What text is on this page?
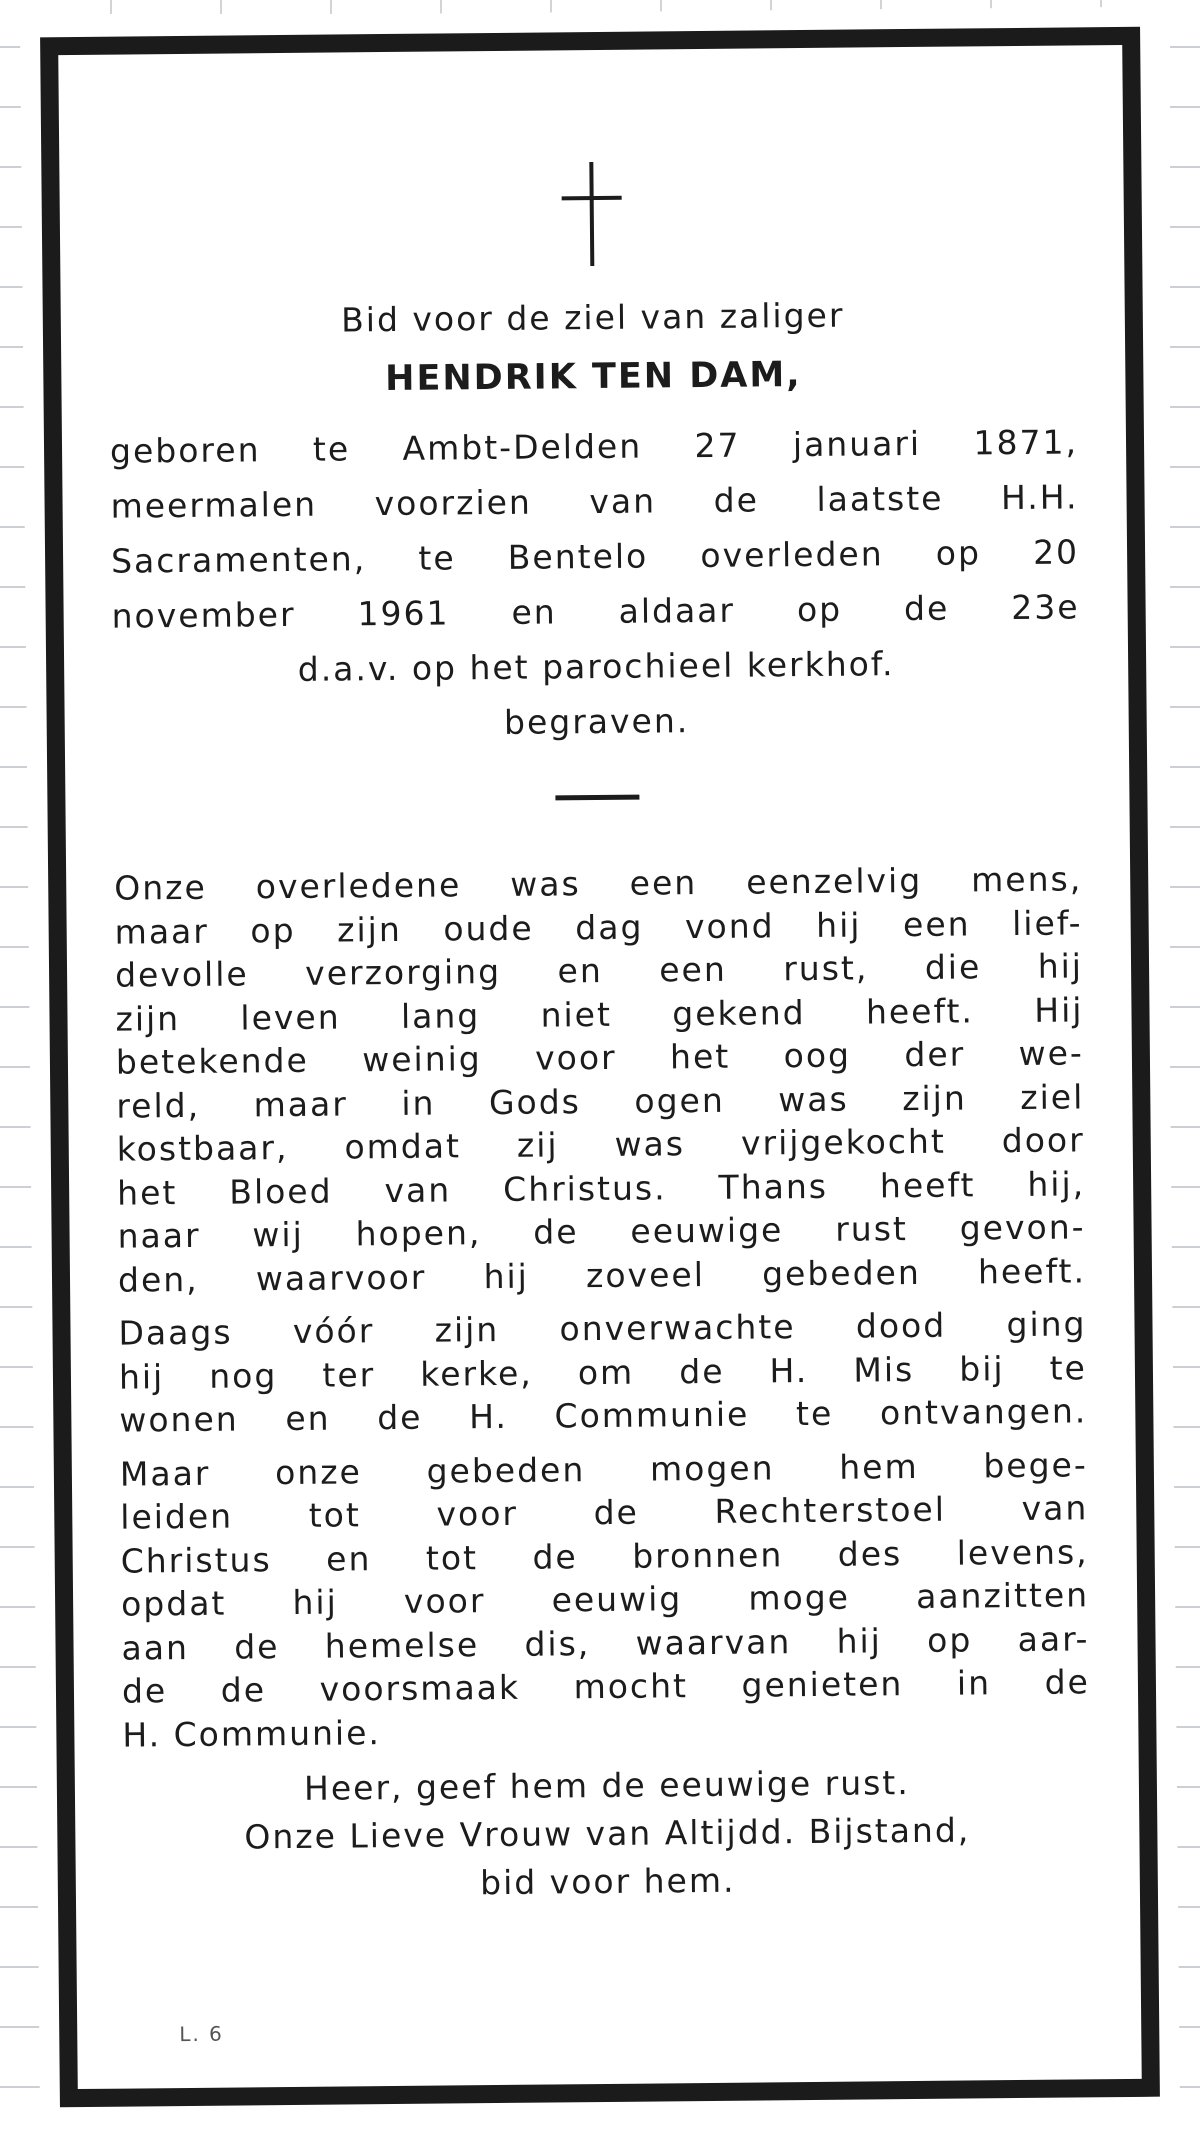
Bid voor de ziel van zaliger
HENDRIK TEN DAM,
geboren te Ambt-Delden 27 januari 1871,
meermalen voorzien van de laatste H.H.
Sacramenten, te Bentelo overleden op 20
november 1961 en aldaar op de 23e
d.a.v. op het parochieel kerkhof.
begraven.
Onze overledene was een eenzelvig mens,
maar op zijn oude dag vond hij een lief-
devolle verzorging en een rust, die hij
zijn leven lang niet gekend heeft. Hij
betekende weinig voor het oog der we-
reld, maar in Gods ogen was zijn ziel
kostbaar, omdat zij was vrijgekocht door
het Bloed van Christus. Thans heeft hij,
naar wij hopen, de eeuwige rust gevon-
den, waarvoor hij zoveel gebeden heeft.
Daags vóór zijn onverwachte dood ging
hij nog ter kerke, om de H. Mis bij te
wonen en de H. Communie te ontvangen.
Maar onze gebeden mogen hem bege-
leiden tot voor de Rechterstoel van
Christus en tot de bronnen des levens,
opdat hij voor eeuwig moge aanzitten
aan de hemelse dis, waarvan hij op aar-
de de voorsmaak mocht genieten in de
H. Communie.
Heer, geef hem de eeuwige rust.
Onze Lieve Vrouw van Altijdd. Bijstand,
bid voor hem.
L. 6
